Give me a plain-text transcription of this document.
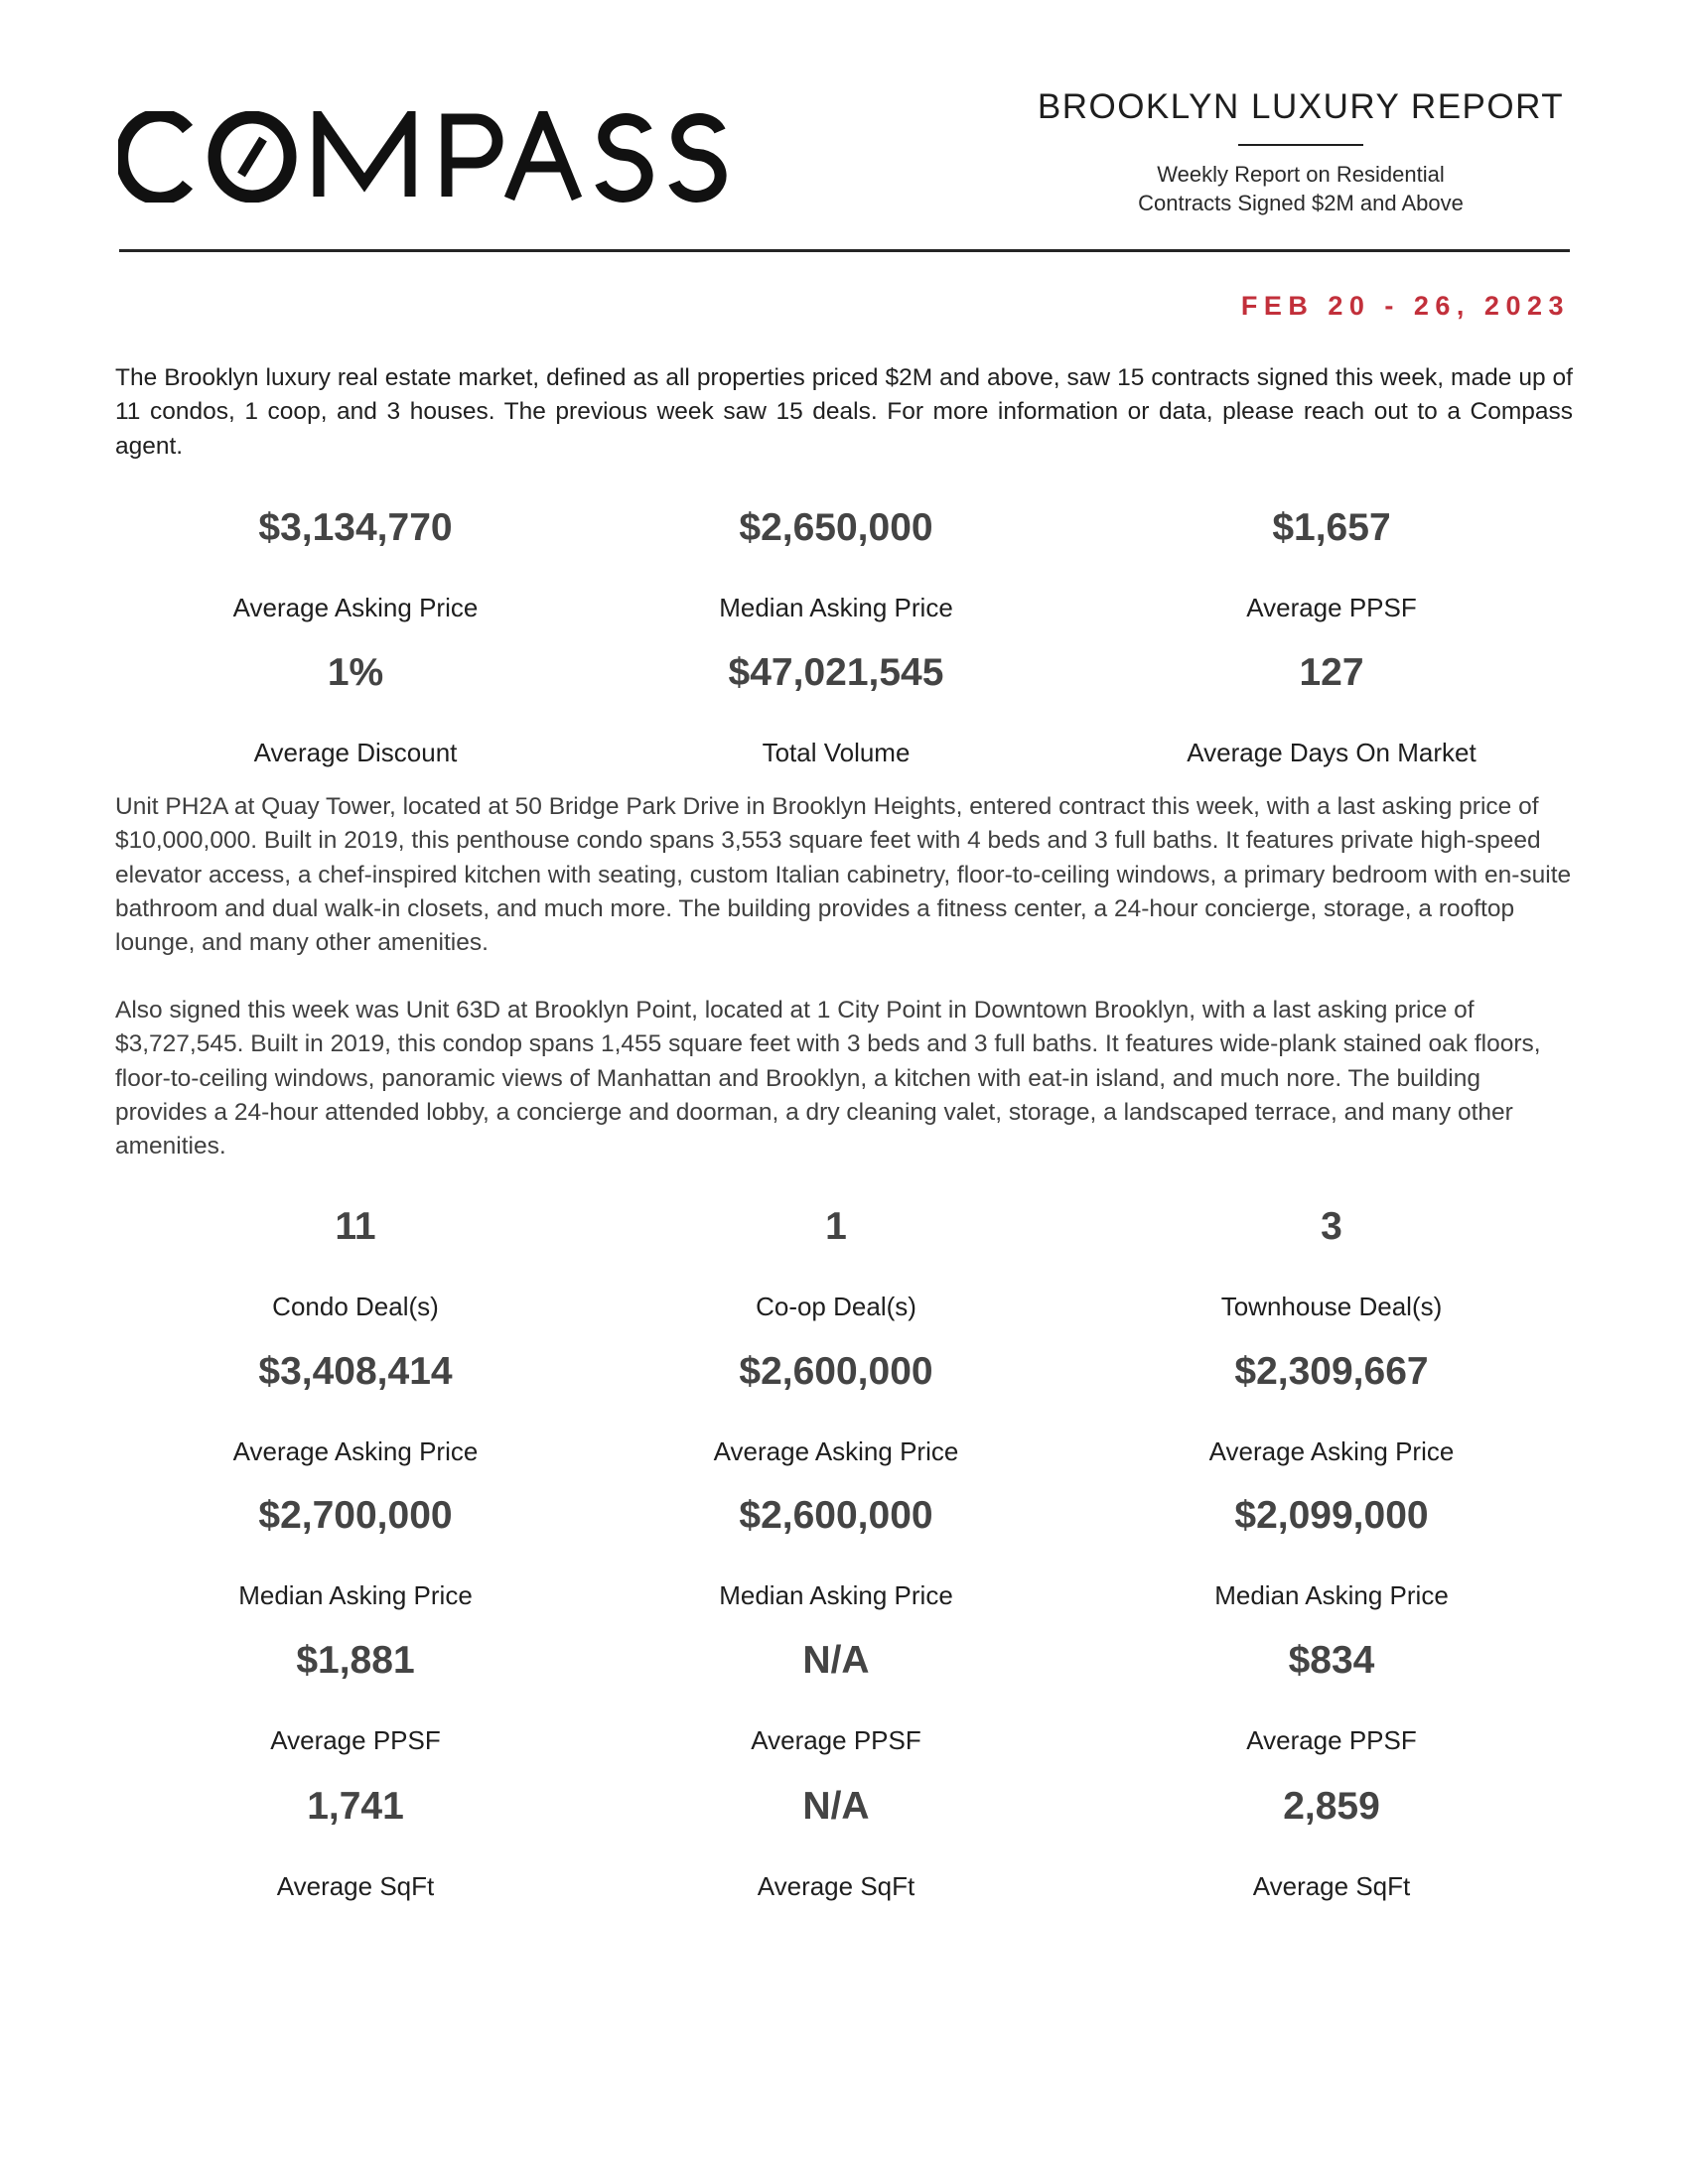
BROOKLYN LUXURY REPORT
Weekly Report on Residential
Contracts Signed $2M and Above
FEB 20 - 26, 2023
The Brooklyn luxury real estate market, defined as all properties priced $2M and above, saw 15 contracts signed this week, made up of 11 condos, 1 coop, and 3 houses. The previous week saw 15 deals. For more information or data, please reach out to a Compass agent.
$3,134,770
Average Asking Price
$2,650,000
Median Asking Price
$1,657
Average PPSF
1%
Average Discount
$47,021,545
Total Volume
127
Average Days On Market
Unit PH2A at Quay Tower, located at 50 Bridge Park Drive in Brooklyn Heights, entered contract this week, with a last asking price of $10,000,000. Built in 2019, this penthouse condo spans 3,553 square feet with 4 beds and 3 full baths. It features private high-speed elevator access, a chef-inspired kitchen with seating, custom Italian cabinetry, floor-to-ceiling windows, a primary bedroom with en-suite bathroom and dual walk-in closets, and much more. The building provides a fitness center, a 24-hour concierge, storage, a rooftop lounge, and many other amenities.
Also signed this week was Unit 63D at Brooklyn Point, located at 1 City Point in Downtown Brooklyn, with a last asking price of $3,727,545. Built in 2019, this condop spans 1,455 square feet with 3 beds and 3 full baths. It features wide-plank stained oak floors, floor-to-ceiling windows, panoramic views of Manhattan and Brooklyn, a kitchen with eat-in island, and much nore. The building provides a 24-hour attended lobby, a concierge and doorman, a dry cleaning valet, storage, a landscaped terrace, and many other amenities.
11
Condo Deal(s)
$3,408,414
Average Asking Price
$2,700,000
Median Asking Price
$1,881
Average PPSF
1,741
Average SqFt
1
Co-op Deal(s)
$2,600,000
Average Asking Price
$2,600,000
Median Asking Price
N/A
Average PPSF
N/A
Average SqFt
3
Townhouse Deal(s)
$2,309,667
Average Asking Price
$2,099,000
Median Asking Price
$834
Average PPSF
2,859
Average SqFt
